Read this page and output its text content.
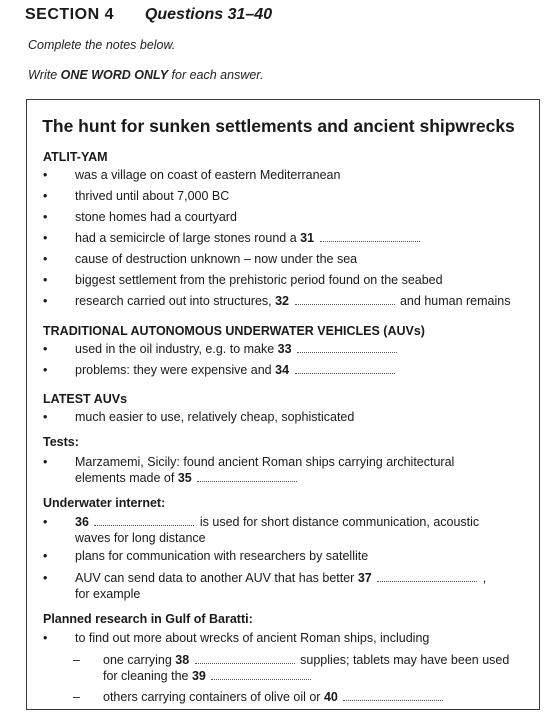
SECTION 4 Questions 31–40
Complete the notes below.
Write ONE WORD ONLY for each answer.
The hunt for sunken settlements and ancient shipwrecks
ATLIT-YAM
• was a village on coast of eastern Mediterranean
• thrived until about 7,000 BC
• stone homes had a courtyard
• had a semicircle of large stones round a 31
• cause of destruction unknown – now under the sea
• biggest settlement from the prehistoric period found on the seabed
• research carried out into structures, 32	and human remains
TRADITIONAL AUTONOMOUS UNDERWATER VEHICLES (AUVs)
• used in the oil industry, e.g. to make 33
• problems: they were expensive and 34
LATEST AUVs
• much easier to use, relatively cheap, sophisticated
Tests:
• Marzamemi, Sicily: found ancient Roman ships carrying architectural
elements made of 35
Underwater internet:
• 36	is used for short distance communication, acoustic
waves for long distance
• plans for communication with researchers by satellite
• AUV can send data to another AUV that has better 37	,
for example
Planned research in Gulf of Baratti:
• to find out more about wrecks of ancient Roman ships, including
– one carrying 38	supplies; tablets may have been used
for cleaning the 39
– others carrying containers of olive oil or 40
